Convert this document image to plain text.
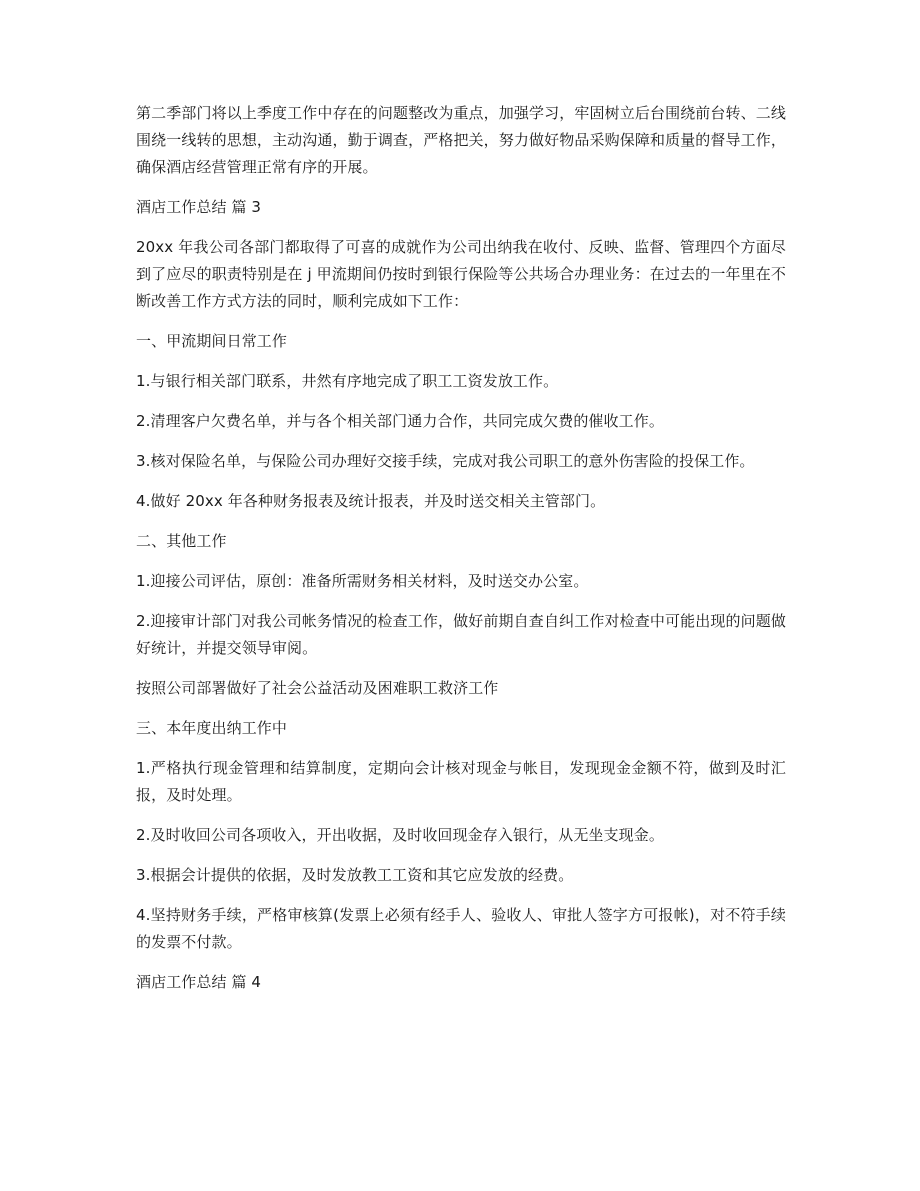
第二季部门将以上季度工作中存在的问题整改为重点，加强学习，牢固树立后台围绕前台转、二线围绕一线转的思想，主动沟通，勤于调查，严格把关，努力做好物品采购保障和质量的督导工作，确保酒店经营管理正常有序的开展。

酒店工作总结 篇 3

20xx 年我公司各部门都取得了可喜的成就作为公司出纳我在收付、反映、监督、管理四个方面尽到了应尽的职责特别是在 j 甲流期间仍按时到银行保险等公共场合办理业务：在过去的一年里在不断改善工作方式方法的同时，顺利完成如下工作：

一、甲流期间日常工作

1.与银行相关部门联系，井然有序地完成了职工工资发放工作。

2.清理客户欠费名单，并与各个相关部门通力合作，共同完成欠费的催收工作。

3.核对保险名单，与保险公司办理好交接手续，完成对我公司职工的意外伤害险的投保工作。

4.做好 20xx 年各种财务报表及统计报表，并及时送交相关主管部门。

二、其他工作

1.迎接公司评估，原创：准备所需财务相关材料，及时送交办公室。

2.迎接审计部门对我公司帐务情况的检查工作，做好前期自查自纠工作对检查中可能出现的问题做好统计，并提交领导审阅。

按照公司部署做好了社会公益活动及困难职工救济工作

三、本年度出纳工作中

1.严格执行现金管理和结算制度，定期向会计核对现金与帐目，发现现金金额不符，做到及时汇报，及时处理。

2.及时收回公司各项收入，开出收据，及时收回现金存入银行，从无坐支现金。

3.根据会计提供的依据，及时发放教工工资和其它应发放的经费。

4.坚持财务手续，严格审核算(发票上必须有经手人、验收人、审批人签字方可报帐)，对不符手续的发票不付款。

酒店工作总结 篇 4
